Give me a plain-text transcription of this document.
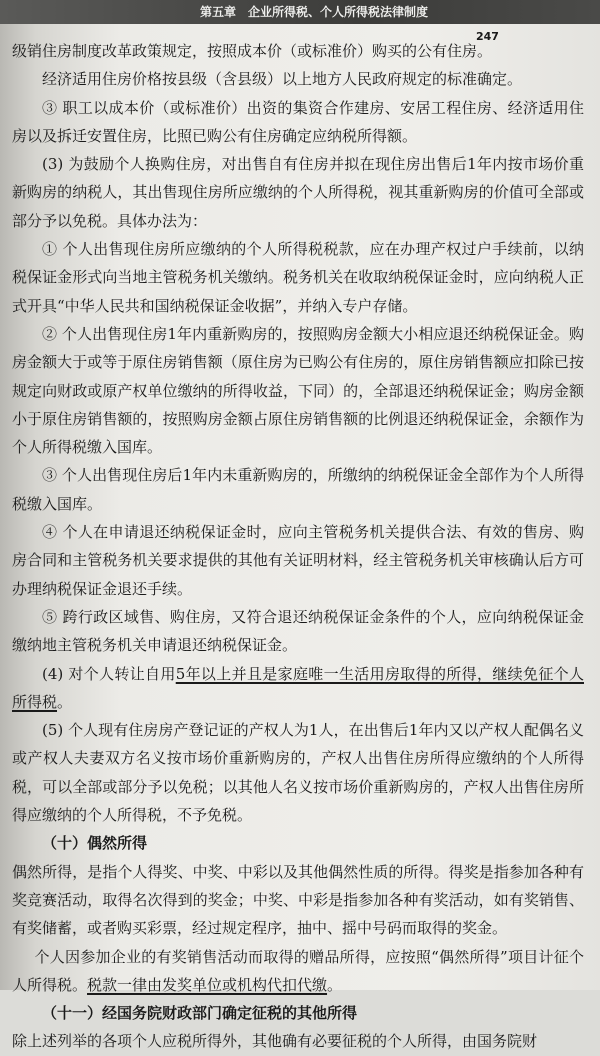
第五章　企业所得税、个人所得税法律制度
247

级销住房制度改革政策规定，按照成本价（或标准价）购买的公有住房。

经济适用住房价格按县级（含县级）以上地方人民政府规定的标准确定。

③ 职工以成本价（或标准价）出资的集资合作建房、安居工程住房、经济适用住房以及拆迁安置住房，比照已购公有住房确定应纳税所得额。

(3) 为鼓励个人换购住房，对出售自有住房并拟在现住房出售后1年内按市场价重新购房的纳税人，其出售现住房所应缴纳的个人所得税，视其重新购房的价值可全部或部分予以免税。具体办法为：

① 个人出售现住房所应缴纳的个人所得税税款，应在办理产权过户手续前，以纳税保证金形式向当地主管税务机关缴纳。税务机关在收取纳税保证金时，应向纳税人正式开具“中华人民共和国纳税保证金收据”，并纳入专户存储。

② 个人出售现住房1年内重新购房的，按照购房金额大小相应退还纳税保证金。购房金额大于或等于原住房销售额（原住房为已购公有住房的，原住房销售额应扣除已按规定向财政或原产权单位缴纳的所得收益，下同）的，全部退还纳税保证金；购房金额小于原住房销售额的，按照购房金额占原住房销售额的比例退还纳税保证金，余额作为个人所得税缴入国库。

③ 个人出售现住房后1年内未重新购房的，所缴纳的纳税保证金全部作为个人所得税缴入国库。

④ 个人在申请退还纳税保证金时，应向主管税务机关提供合法、有效的售房、购房合同和主管税务机关要求提供的其他有关证明材料，经主管税务机关审核确认后方可办理纳税保证金退还手续。

⑤ 跨行政区域售、购住房，又符合退还纳税保证金条件的个人，应向纳税保证金缴纳地主管税务机关申请退还纳税保证金。

(4) 对个人转让自用5年以上并且是家庭唯一生活用房取得的所得，继续免征个人所得税。

(5) 个人现有住房房产登记证的产权人为1人，在出售后1年内又以产权人配偶名义或产权人夫妻双方名义按市场价重新购房的，产权人出售住房所得应缴纳的个人所得税，可以全部或部分予以免税；以其他人名义按市场价重新购房的，产权人出售住房所得应缴纳的个人所得税，不予免税。

（十）偶然所得

偶然所得，是指个人得奖、中奖、中彩以及其他偶然性质的所得。得奖是指参加各种有奖竞赛活动，取得名次得到的奖金；中奖、中彩是指参加各种有奖活动，如有奖销售、有奖储蓄，或者购买彩票，经过规定程序，抽中、摇中号码而取得的奖金。

个人因参加企业的有奖销售活动而取得的赠品所得，应按照“偶然所得”项目计征个人所得税。税款一律由发奖单位或机构代扣代缴。

（十一）经国务院财政部门确定征税的其他所得

除上述列举的各项个人应税所得外，其他确有必要征税的个人所得，由国务院财
